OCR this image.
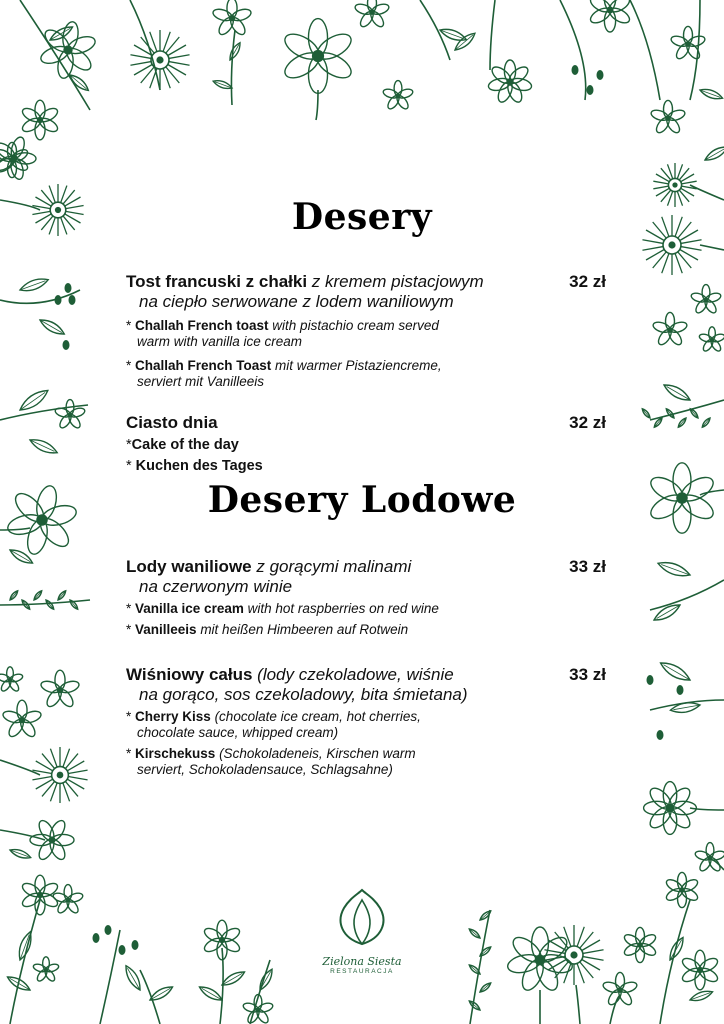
Desery
Tost francuski z chałki z kremem pistacjowym
na ciepło serwowane z lodem waniliowym
32 zł
* Challah French toast with pistachio cream served
warm with vanilla ice cream
* Challah French Toast mit warmer Pistaziencreme,
serviert mit Vanilleeis
Ciasto dnia	32 zł
*Cake of the day
* Kuchen des Tages
Desery Lodowe
Lody waniliowe z gorącymi malinami
na czerwonym winie
33 zł
* Vanilla ice cream with hot raspberries on red wine
* Vanilleeis mit heißen Himbeeren auf Rotwein
Wiśniowy całus (lody czekoladowe, wiśnie
na gorąco, sos czekoladowy, bita śmietana)
33 zł
* Cherry Kiss (chocolate ice cream, hot cherries,
chocolate sauce, whipped cream)
* Kirschekuss (Schokoladeneis, Kirschen warm
serviert, Schokoladensauce, Schlagsahne)
Zielona Siesta
RESTAURACJA
